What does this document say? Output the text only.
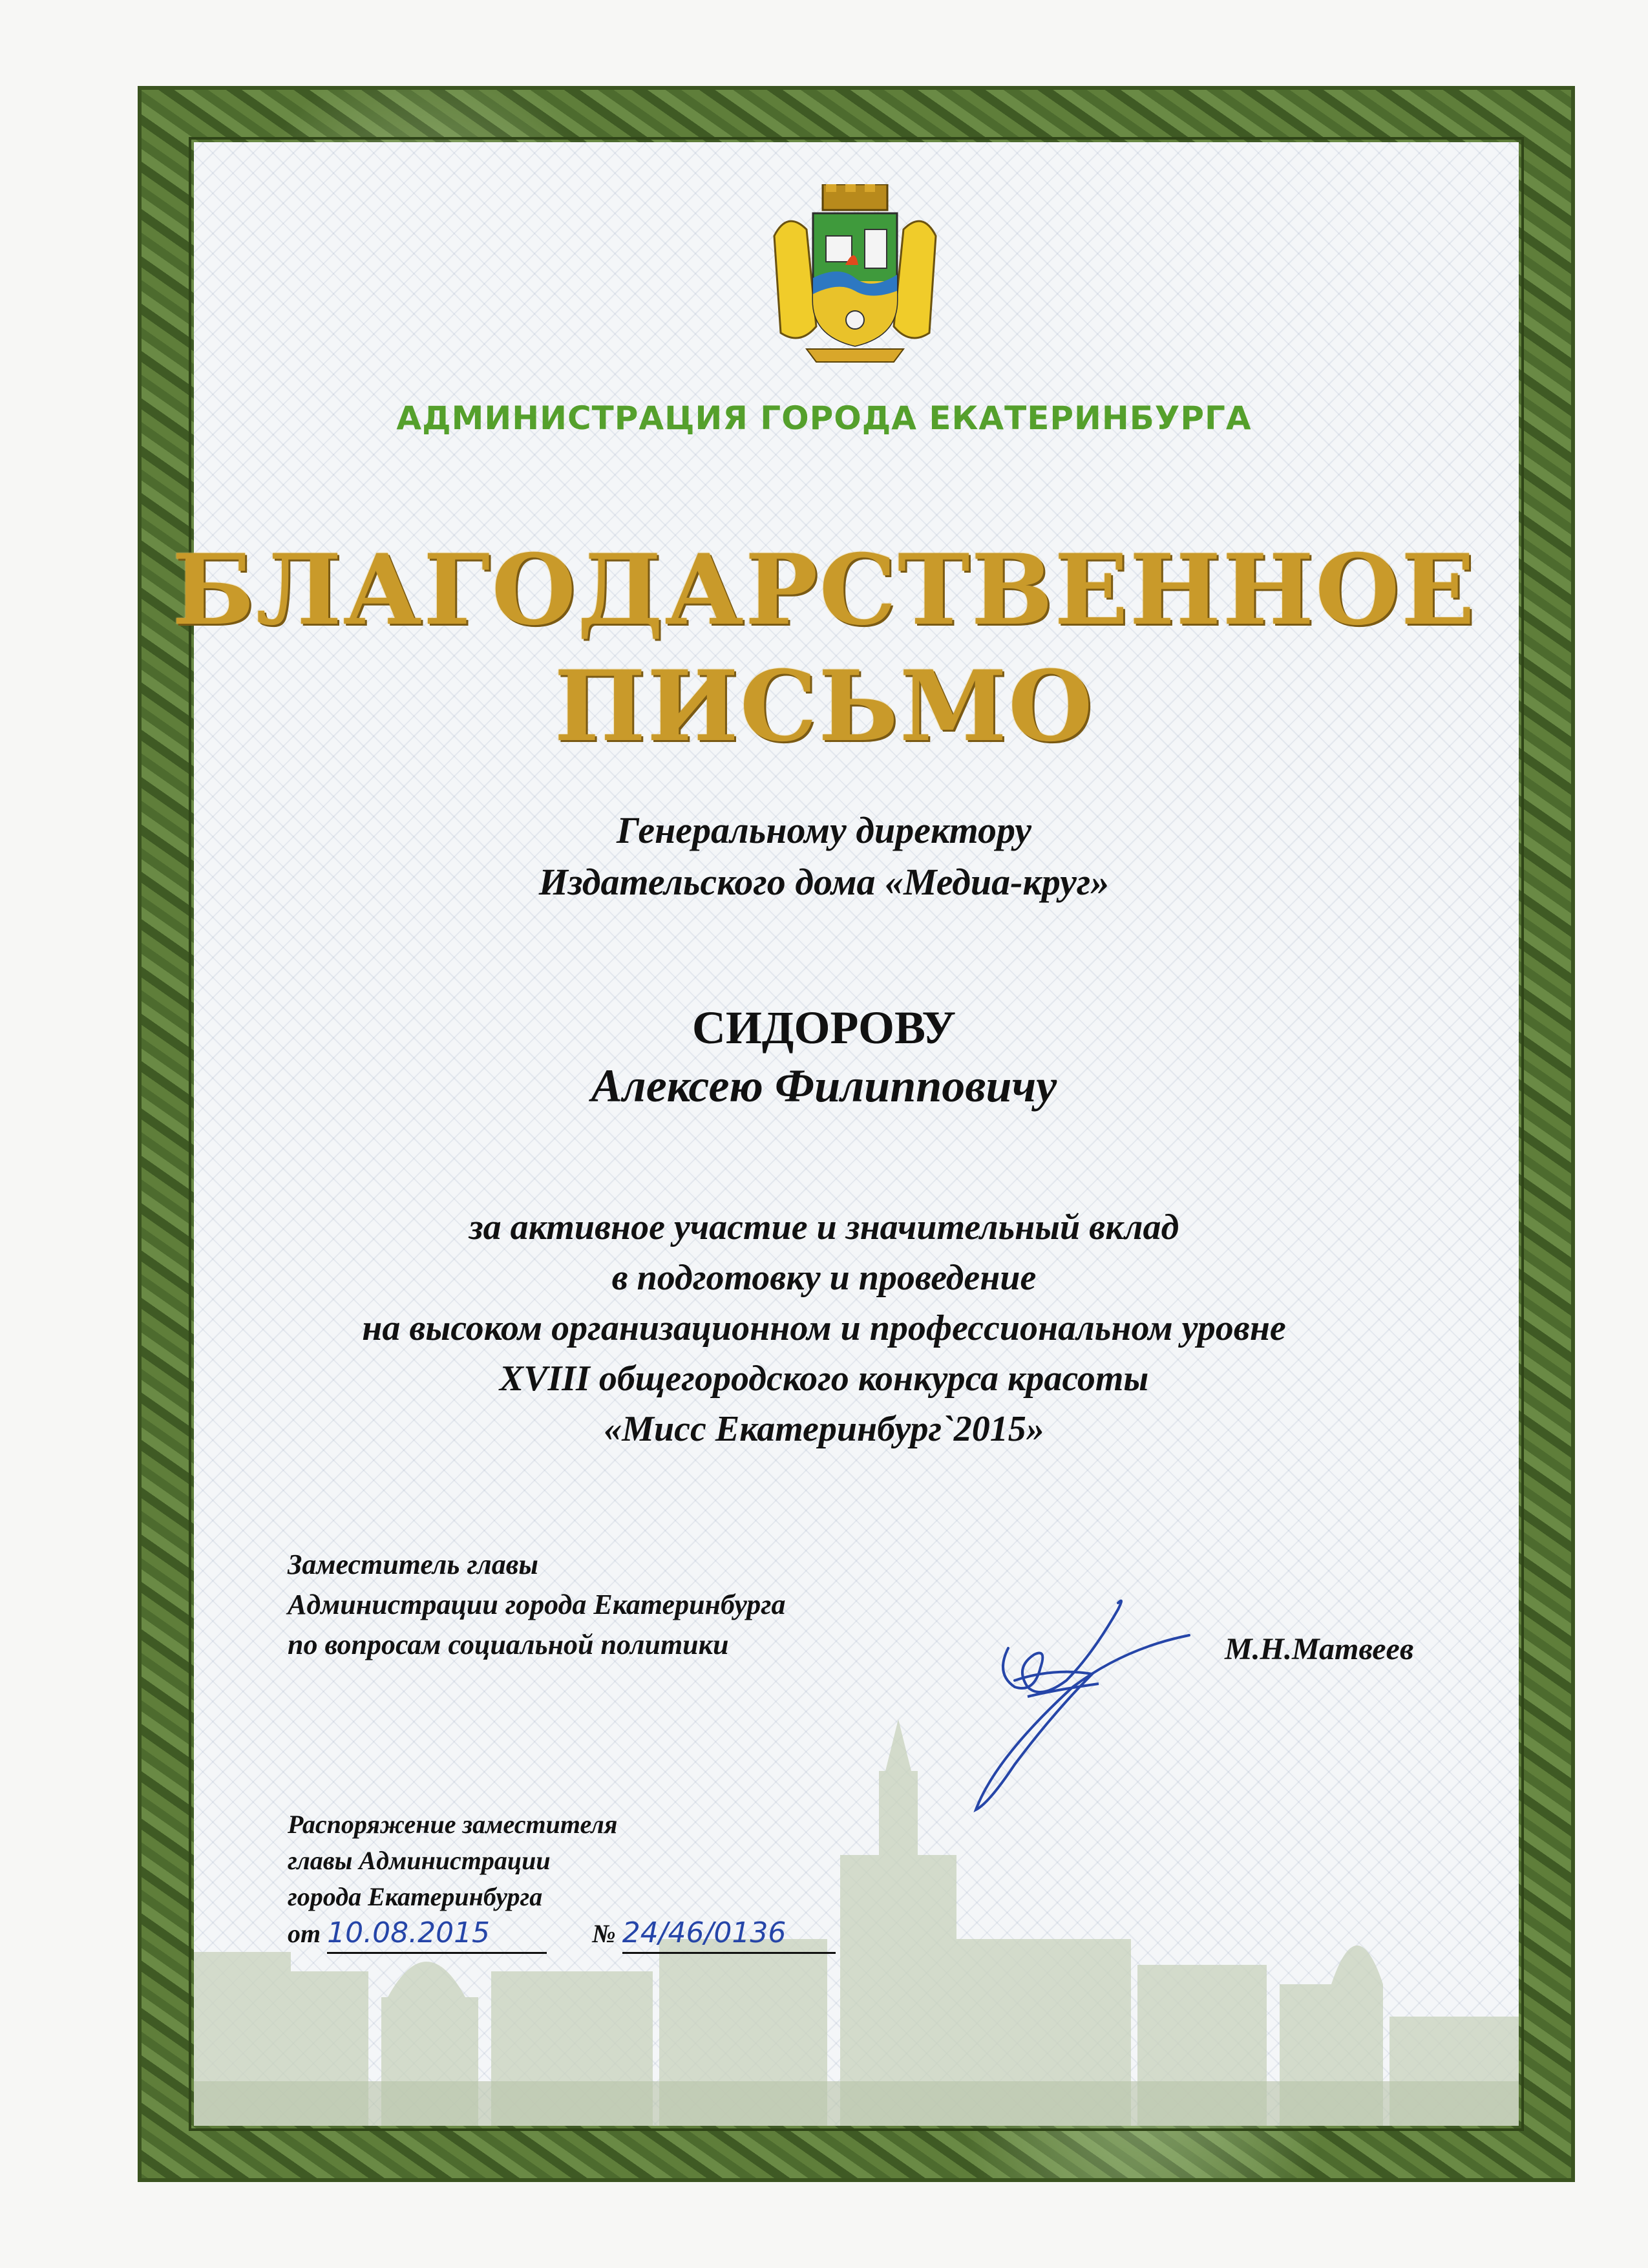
АДМИНИСТРАЦИЯ ГОРОДА ЕКАТЕРИНБУРГА
БЛАГОДАРСТВЕННОЕ
ПИСЬМО
Генеральному директору
Издательского дома «Медиа-круг»
СИДОРОВУ
Алексею Филипповичу
за активное участие и значительный вклад
в подготовку и проведение
на высоком организационном и профессиональном уровне
XVIII общегородского конкурса красоты
«Мисс Екатеринбург`2015»
Заместитель главы
Администрации города Екатеринбурга
по вопросам социальной политики	М.Н.Матвеев
Распоряжение заместителя
главы Администрации
города Екатеринбурга
от 10.08.2015	№ 24/46/0136
